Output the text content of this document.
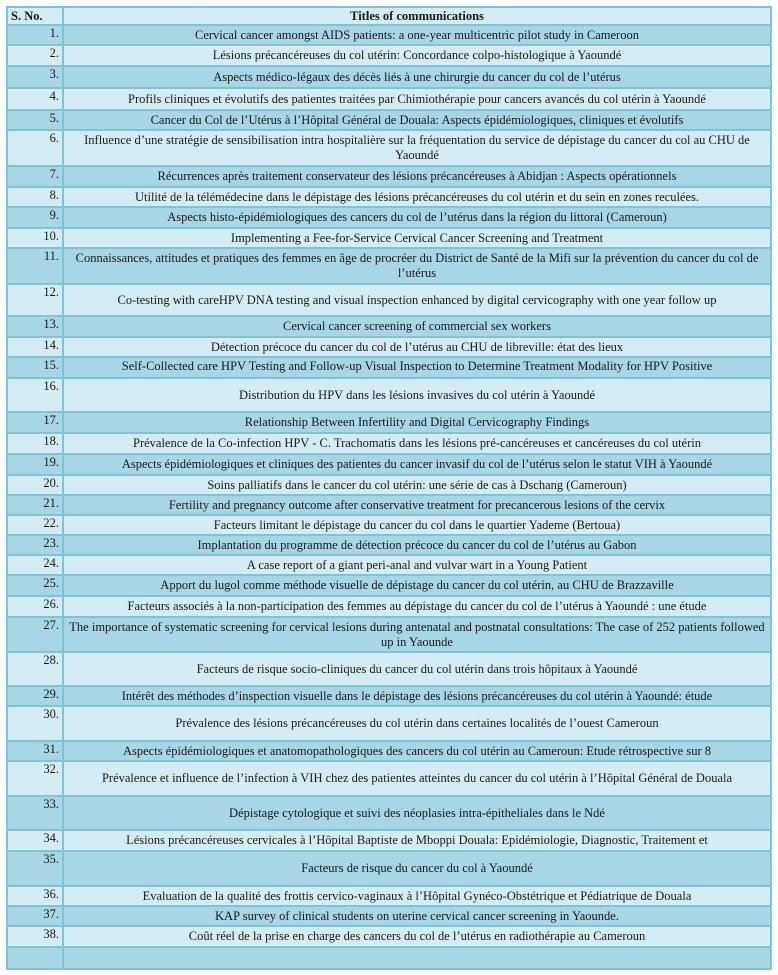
S. No.	Titles of communications
1.	Cervical cancer amongst AIDS patients: a one-year multicentric pilot study in Cameroon
2.	Lésions précancéreuses du col utérin: Concordance colpo-histologique à Yaoundé
3.	Aspects médico-légaux des décès liés à une chirurgie du cancer du col de l’utérus
4.	Profils cliniques et évolutifs des patientes traitées par Chimiothérapie pour cancers avancés du col utérin à Yaoundé
5.	Cancer du Col de l’Utérus à l’Hôpital Général de Douala: Aspects épidémiologiques, cliniques et évolutifs
6.	Influence d’une stratégie de sensibilisation intra hospitalière sur la fréquentation du service de dépistage du cancer du col au CHU de Yaoundé
7.	Récurrences après traitement conservateur des lésions précancéreuses à Abidjan : Aspects opérationnels
8.	Utilité de la télémédecine dans le dépistage des lésions précancéreuses du col utérin et du sein en zones reculées.
9.	Aspects histo-épidémiologiques des cancers du col de l’utérus dans la région du littoral (Cameroun)
10.	Implementing a Fee-for-Service Cervical Cancer Screening and Treatment
11.	Connaissances, attitudes et pratiques des femmes en âge de procréer du District de Santé de la Mifi sur la prévention du cancer du col de l’utérus
12.	Co-testing with careHPV DNA testing and visual inspection enhanced by digital cervicography with one year follow up
13.	Cervical cancer screening of commercial sex workers
14.	Détection précoce du cancer du col de l’utérus au CHU de libreville: état des lieux
15.	Self-Collected care HPV Testing and Follow-up Visual Inspection to Determine Treatment Modality for HPV Positive

16.	Distribution du HPV dans les lésions invasives du col utérin à Yaoundé
17.	Relationship Between Infertility and Digital Cervicography Findings
18.	Prévalence de la Co-infection HPV - C. Trachomatis dans les lésions pré-cancéreuses et cancéreuses du col utérin
19.	Aspects épidémiologiques et cliniques des patientes du cancer invasif du col de l’utérus selon le statut VIH à Yaoundé
20.	Soins palliatifs dans le cancer du col utérin: une série de cas à Dschang (Cameroun)
21.	Fertility and pregnancy outcome after conservative treatment for precancerous lesions of the cervix
22.	Facteurs limitant le dépistage du cancer du col dans le quartier Yademe (Bertoua)
23.	Implantation du programme de détection précoce du cancer du col de l’utérus au Gabon
24.	A case report of a giant peri-anal and vulvar wart in a Young Patient
25.	Apport du lugol comme méthode visuelle de dépistage du cancer du col utérin, au CHU de Brazzaville
26.	Facteurs associés à la non-participation des femmes au dépistage du cancer du col de l’utérus à Yaoundé : une étude
27.	The importance of systematic screening for cervical lesions during antenatal and postnatal consultations: The case of 252 patients followed up in Yaounde
28.	Facteurs de risque socio-cliniques du cancer du col utérin dans trois hôpitaux à Yaoundé
29.	Intérêt des méthodes d’inspection visuelle dans le dépistage des lésions précancéreuses du col utérin à Yaoundé: étude
30.	Prévalence des lésions précancéreuses du col utérin dans certaines localités de l’ouest Cameroun
31.	Aspects épidémiologiques et anatomopathologiques des cancers du col utérin au Cameroun: Etude rétrospective sur 8
32.	Prévalence et influence de l’infection à VIH chez des patientes atteintes du cancer du col utérin à l’Hôpital Général de Douala
33.	Dépistage cytologique et suivi des néoplasies intra-épitheliales dans le Ndé
34.	Lésions précancéreuses cervicales à l’Hôpital Baptiste de Mboppi Douala: Epidémiologie, Diagnostic, Traitement et
35.	Facteurs de risque du cancer du col à Yaoundé
36.	Evaluation de la qualité des frottis cervico-vaginaux à l’Hôpital Gynéco-Obstétrique et Pédiatrique de Douala
37.	KAP survey of clinical students on uterine cervical cancer screening in Yaounde.
38.	Coût réel de la prise en charge des cancers du col de l’utérus en radiothérapie au Cameroun
